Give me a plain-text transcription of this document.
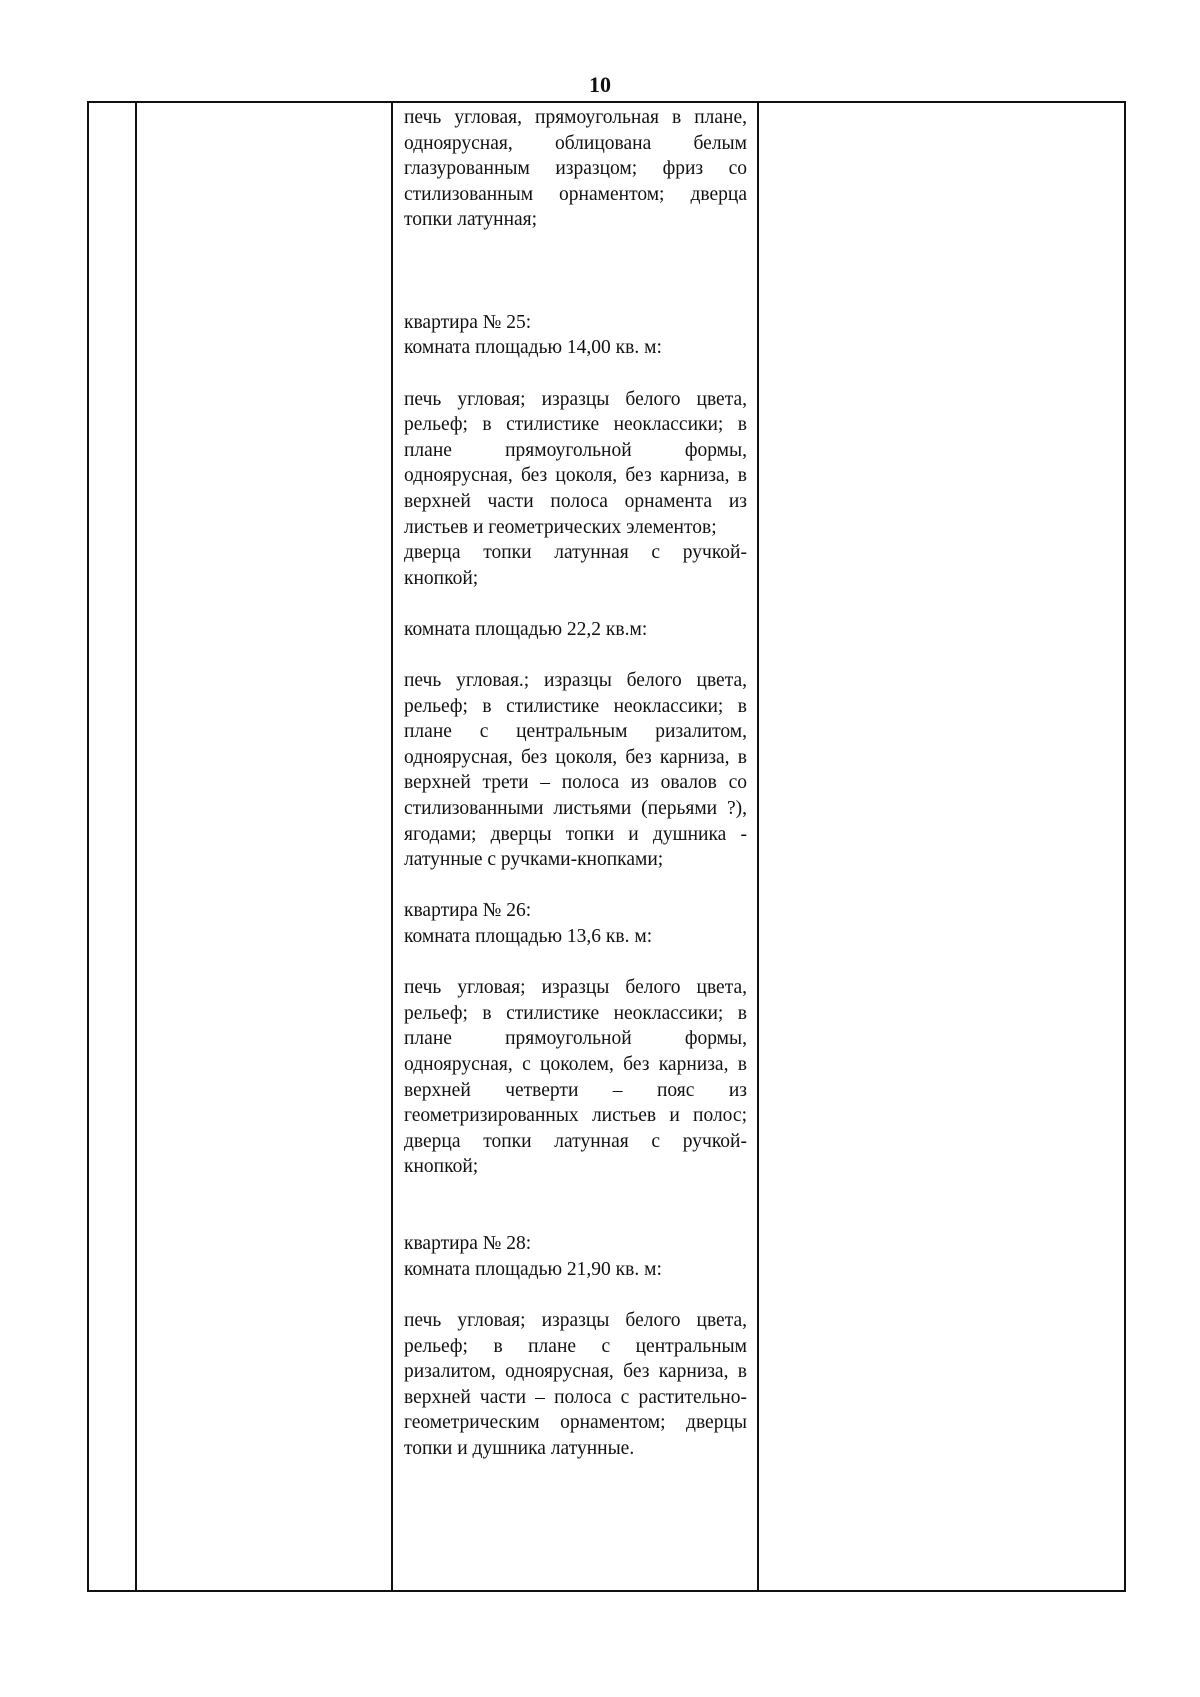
10

печь угловая, прямоугольная в плане, одноярусная, облицована белым глазурованным изразцом; фриз со стилизованным орнаментом; дверца топки латунная;

квартира № 25:

комната площадью 14,00 кв. м:

печь угловая; изразцы белого цвета, рельеф; в стилистике неоклассики; в плане прямоугольной формы, одноярусная, без цоколя, без карниза, в верхней части полоса орнамента из листьев и геометрических элементов;

дверца топки латунная с ручкой-кнопкой;

комната площадью 22,2 кв.м:

печь угловая.; изразцы белого цвета, рельеф; в стилистике неоклассики; в плане с центральным ризалитом, одноярусная, без цоколя, без карниза, в верхней трети – полоса из овалов со стилизованными листьями (перьями ?), ягодами; дверцы топки и душника - латунные с ручками-кнопками;

квартира № 26:

комната площадью 13,6 кв. м:

печь угловая; изразцы белого цвета, рельеф; в стилистике неоклассики; в плане прямоугольной формы, одноярусная, с цоколем, без карниза, в верхней четверти – пояс из геометризированных листьев и полос; дверца топки латунная с ручкой-кнопкой;

квартира № 28:

комната площадью 21,90 кв. м:

печь угловая; изразцы белого цвета, рельеф; в плане с центральным ризалитом, одноярусная, без карниза, в верхней части – полоса с растительно-геометрическим орнаментом; дверцы топки и душника латунные.
